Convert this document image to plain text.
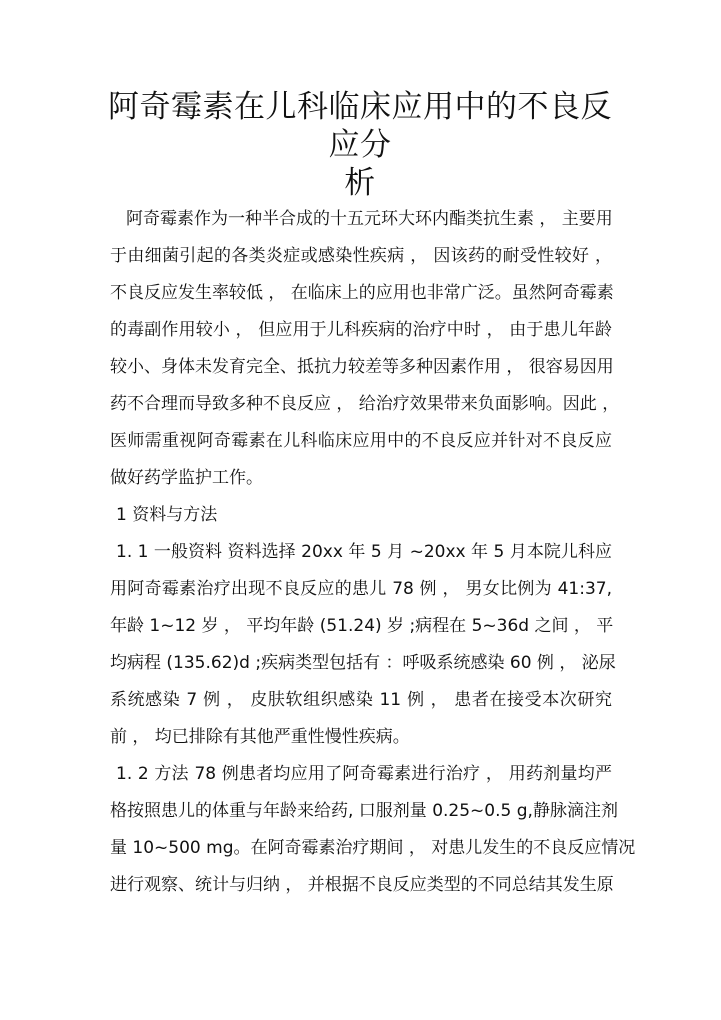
阿奇霉素在儿科临床应用中的不良反应分
析
阿奇霉素作为一种半合成的十五元环大环内酯类抗生素 ， 主要用
于由细菌引起的各类炎症或感染性疾病 ， 因该药的耐受性较好 ，
不良反应发生率较低 ， 在临床上的应用也非常广泛。虽然阿奇霉素
的毒副作用较小 ， 但应用于儿科疾病的治疗中时 ， 由于患儿年龄
较小、身体未发育完全、抵抗力较差等多种因素作用 ， 很容易因用
药不合理而导致多种不良反应 ， 给治疗效果带来负面影响。因此 ，
医师需重视阿奇霉素在儿科临床应用中的不良反应并针对不良反应
做好药学监护工作。
1 资料与方法
1. 1 一般资料 资料选择 20xx 年 5 月 ~20xx 年 5 月本院儿科应
用阿奇霉素治疗出现不良反应的患儿 78 例 ， 男女比例为 41:37,
年龄 1~12 岁 ， 平均年龄 (51.24) 岁 ;病程在 5~36d 之间 ， 平
均病程 (135.62)d ;疾病类型包括有 ：呼吸系统感染 60 例 ， 泌尿
系统感染 7 例 ， 皮肤软组织感染 11 例 ， 患者在接受本次研究
前 ， 均已排除有其他严重性慢性疾病。
1. 2 方法 78 例患者均应用了阿奇霉素进行治疗 ， 用药剂量均严
格按照患儿的体重与年龄来给药, 口服剂量 0.25~0.5 g,静脉滴注剂
量 10~500 mg。在阿奇霉素治疗期间 ， 对患儿发生的不良反应情况
进行观察、统计与归纳 ， 并根据不良反应类型的不同总结其发生原
